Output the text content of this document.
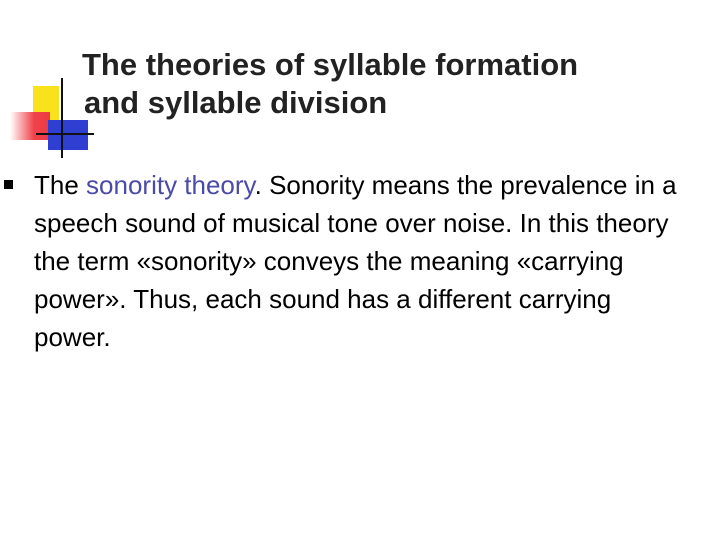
The theories of syllable formation
and syllable division

The sonority theory. Sonority means the prevalence in a speech sound of musical tone over noise. In this theory the term «sonority» conveys the meaning «carrying power». Thus, each sound has a different carrying power.
